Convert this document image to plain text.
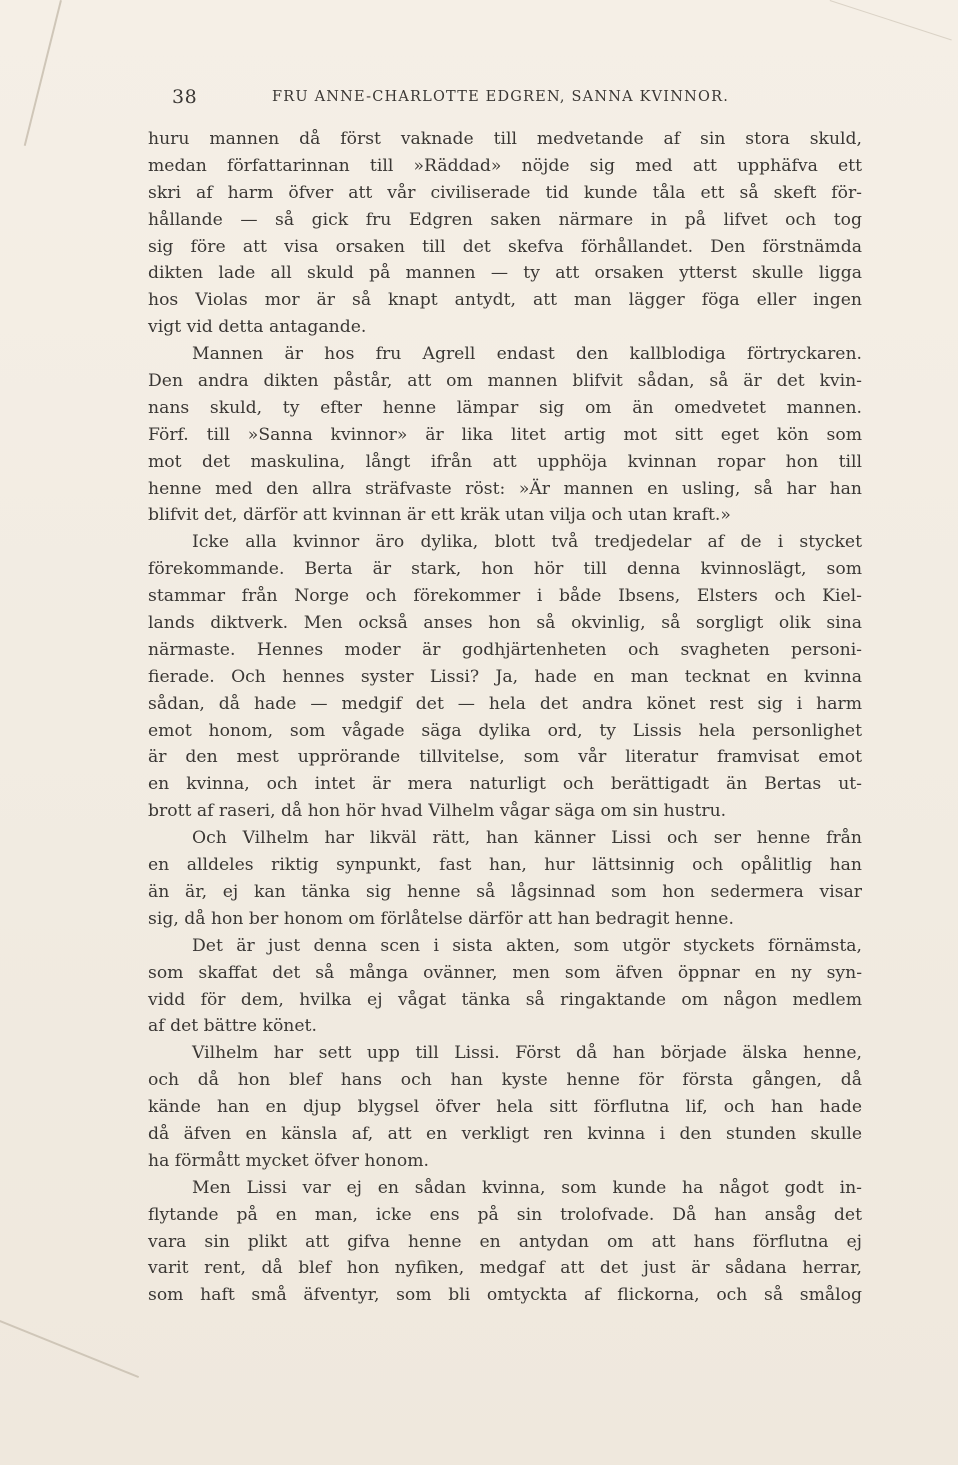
38	FRU ANNE-CHARLOTTE EDGREN, SANNA KVINNOR.
huru mannen då först vaknade till medvetande af sin stora skuld,
medan författarinnan till »Räddad» nöjde sig med att upphäfva ett
skri af harm öfver att vår civiliserade tid kunde tåla ett så skeft för-
hållande — så gick fru Edgren saken närmare in på lifvet och tog
sig före att visa orsaken till det skefva förhållandet. Den förstnämda
dikten lade all skuld på mannen — ty att orsaken ytterst skulle ligga
hos Violas mor är så knapt antydt, att man lägger föga eller ingen
vigt vid detta antagande.
Mannen är hos fru Agrell endast den kallblodiga förtryckaren.
Den andra dikten påstår, att om mannen blifvit sådan, så är det kvin-
nans skuld, ty efter henne lämpar sig om än omedvetet mannen.
Förf. till »Sanna kvinnor» är lika litet artig mot sitt eget kön som
mot det maskulina, långt ifrån att upphöja kvinnan ropar hon till
henne med den allra sträfvaste röst: »Är mannen en usling, så har han
blifvit det, därför att kvinnan är ett kräk utan vilja och utan kraft.»
Icke alla kvinnor äro dylika, blott två tredjedelar af de i stycket
förekommande. Berta är stark, hon hör till denna kvinnoslägt, som
stammar från Norge och förekommer i både Ibsens, Elsters och Kiel-
lands diktverk. Men också anses hon så okvinlig, så sorgligt olik sina
närmaste. Hennes moder är godhjärtenheten och svagheten personi-
fierade. Och hennes syster Lissi? Ja, hade en man tecknat en kvinna
sådan, då hade — medgif det — hela det andra könet rest sig i harm
emot honom, som vågade säga dylika ord, ty Lissis hela personlighet
är den mest upprörande tillvitelse, som vår literatur framvisat emot
en kvinna, och intet är mera naturligt och berättigadt än Bertas ut-
brott af raseri, då hon hör hvad Vilhelm vågar säga om sin hustru.
Och Vilhelm har likväl rätt, han känner Lissi och ser henne från
en alldeles riktig synpunkt, fast han, hur lättsinnig och opålitlig han
än är, ej kan tänka sig henne så lågsinnad som hon sedermera visar
sig, då hon ber honom om förlåtelse därför att han bedragit henne.
Det är just denna scen i sista akten, som utgör styckets förnämsta,
som skaffat det så många ovänner, men som äfven öppnar en ny syn-
vidd för dem, hvilka ej vågat tänka så ringaktande om någon medlem
af det bättre könet.
Vilhelm har sett upp till Lissi. Först då han började älska henne,
och då hon blef hans och han kyste henne för första gången, då
kände han en djup blygsel öfver hela sitt förflutna lif, och han hade
då äfven en känsla af, att en verkligt ren kvinna i den stunden skulle
ha förmått mycket öfver honom.
Men Lissi var ej en sådan kvinna, som kunde ha något godt in-
flytande på en man, icke ens på sin trolofvade. Då han ansåg det
vara sin plikt att gifva henne en antydan om att hans förflutna ej
varit rent, då blef hon nyfiken, medgaf att det just är sådana herrar,
som haft små äfventyr, som bli omtyckta af flickorna, och så smålog
